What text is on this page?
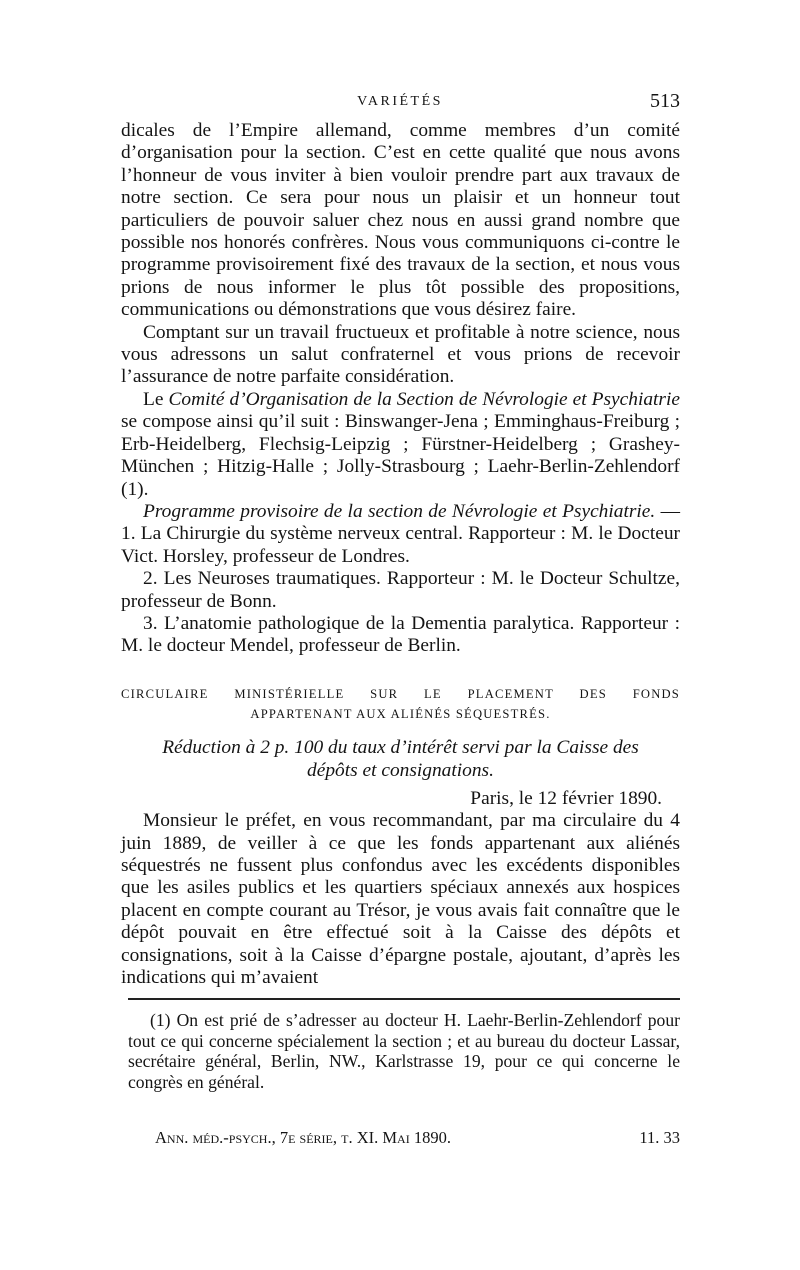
VARIÉTÉS	513

dicales de l’Empire allemand, comme membres d’un comité d’organisation pour la section. C’est en cette qualité que nous avons l’honneur de vous inviter à bien vouloir prendre part aux travaux de notre section. Ce sera pour nous un plaisir et un honneur tout particuliers de pouvoir saluer chez nous en aussi grand nombre que possible nos honorés confrères. Nous vous communiquons ci-contre le programme provisoirement fixé des travaux de la section, et nous vous prions de nous informer le plus tôt possible des propositions, communications ou démonstrations que vous désirez faire.

Comptant sur un travail fructueux et profitable à notre science, nous vous adressons un salut confraternel et vous prions de recevoir l’assurance de notre parfaite considération.

Le Comité d’Organisation de la Section de Névrologie et Psychiatrie se compose ainsi qu’il suit : Binswanger-Jena ; Emminghaus-Freiburg ; Erb-Heidelberg, Flechsig-Leipzig ; Fürstner-Heidelberg ; Grashey-München ; Hitzig-Halle ; Jolly-Strasbourg ; Laehr-Berlin-Zehlendorf (1).

Programme provisoire de la section de Névrologie et Psychiatrie. — 1. La Chirurgie du système nerveux central. Rapporteur : M. le Docteur Vict. Horsley, professeur de Londres.

2. Les Neuroses traumatiques. Rapporteur : M. le Docteur Schultze, professeur de Bonn.

3. L’anatomie pathologique de la Dementia paralytica. Rapporteur : M. le docteur Mendel, professeur de Berlin.

CIRCULAIRE MINISTÉRIELLE SUR LE PLACEMENT DES FONDS
APPARTENANT AUX ALIÉNÉS SÉQUESTRÉS.
Réduction à 2 p. 100 du taux d’intérêt servi par la Caisse des
dépôts et consignations.
Paris, le 12 février 1890.

Monsieur le préfet, en vous recommandant, par ma circulaire du 4 juin 1889, de veiller à ce que les fonds appartenant aux aliénés séquestrés ne fussent plus confondus avec les excédents disponibles que les asiles publics et les quartiers spéciaux annexés aux hospices placent en compte courant au Trésor, je vous avais fait connaître que le dépôt pouvait en être effectué soit à la Caisse des dépôts et consignations, soit à la Caisse d’épargne postale, ajoutant, d’après les indications qui m’avaient

(1) On est prié de s’adresser au docteur H. Laehr-Berlin-Zehlendorf pour tout ce qui concerne spécialement la section ; et au bureau du docteur Lassar, secrétaire général, Berlin, NW., Karlstrasse 19, pour ce qui concerne le congrès en général.

Ann. méd.-psych., 7e série, t. XI. Mai 1890.	11. 33
